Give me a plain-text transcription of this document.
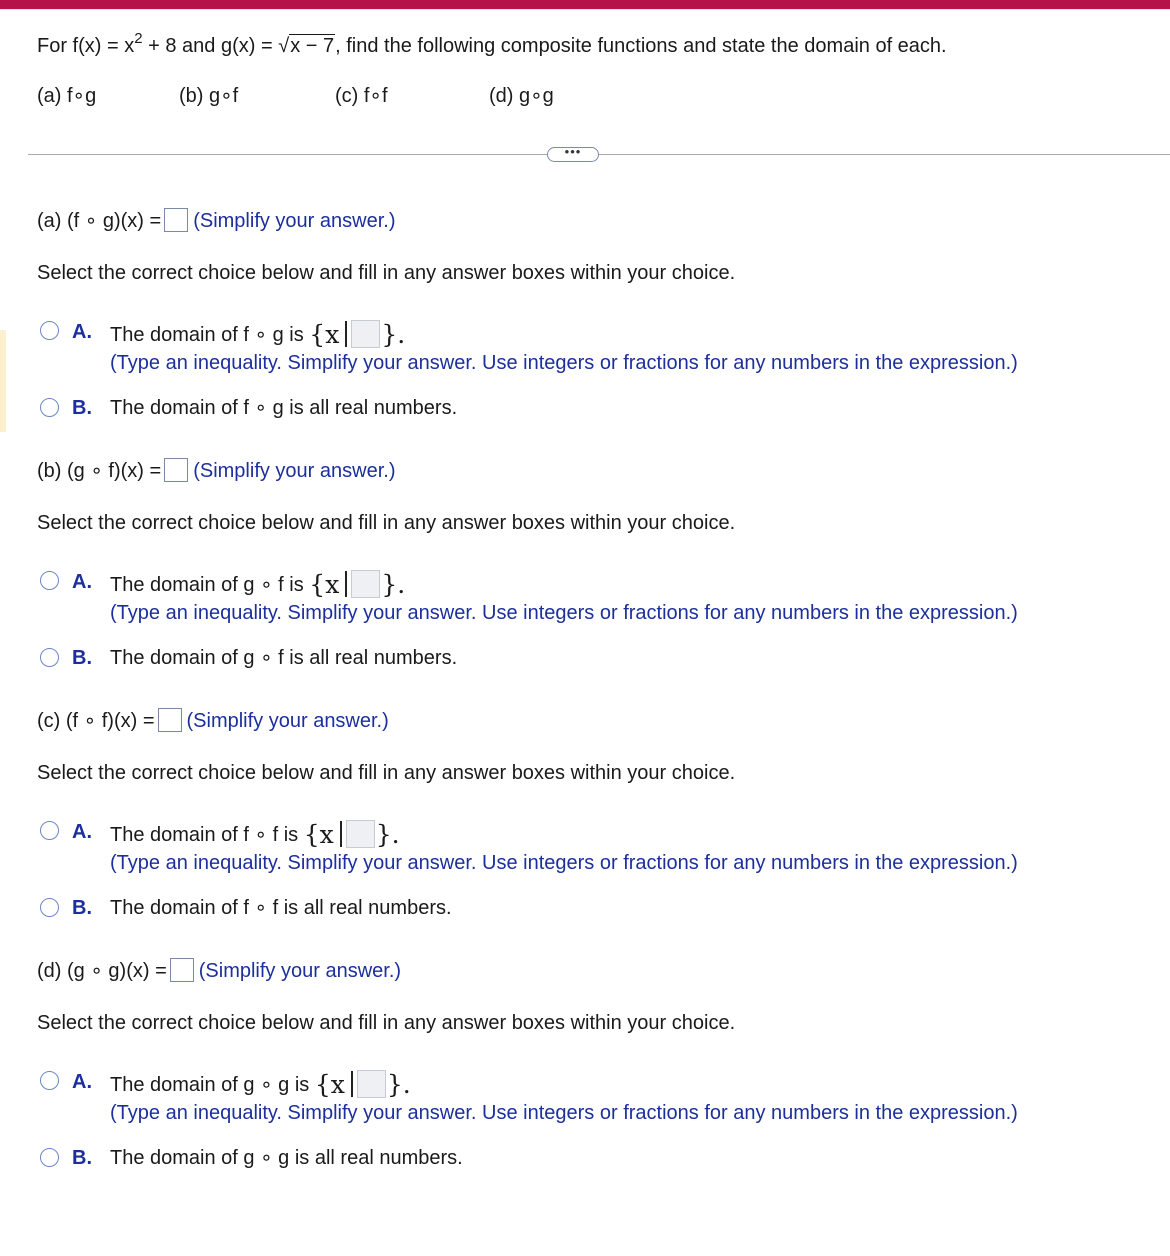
For $f(x) = x^2 + 8$ and g(x) = √x − 7, find the following composite functions and state the domain of each.
(a) f∘g	(b) g∘f	(c) f∘f	(d) g∘g
•••
(a) (f ∘ g)(x) = (Simplify your answer.)
Select the correct choice below and fill in any answer boxes within your choice.
A. The domain of f ∘ g is {x }.
(Type an inequality. Simplify your answer. Use integers or fractions for any numbers in the expression.)
B. The domain of f ∘ g is all real numbers.
(b) (g ∘ f)(x) = (Simplify your answer.)
Select the correct choice below and fill in any answer boxes within your choice.
A. The domain of g ∘ f is {x }.
(Type an inequality. Simplify your answer. Use integers or fractions for any numbers in the expression.)
B. The domain of g ∘ f is all real numbers.
(c) (f ∘ f)(x) = (Simplify your answer.)
Select the correct choice below and fill in any answer boxes within your choice.
A. The domain of f ∘ f is {x }.
(Type an inequality. Simplify your answer. Use integers or fractions for any numbers in the expression.)
B. The domain of f ∘ f is all real numbers.
(d) (g ∘ g)(x) = (Simplify your answer.)
Select the correct choice below and fill in any answer boxes within your choice.
A. The domain of g ∘ g is {x }.
(Type an inequality. Simplify your answer. Use integers or fractions for any numbers in the expression.)
B. The domain of g ∘ g is all real numbers.
